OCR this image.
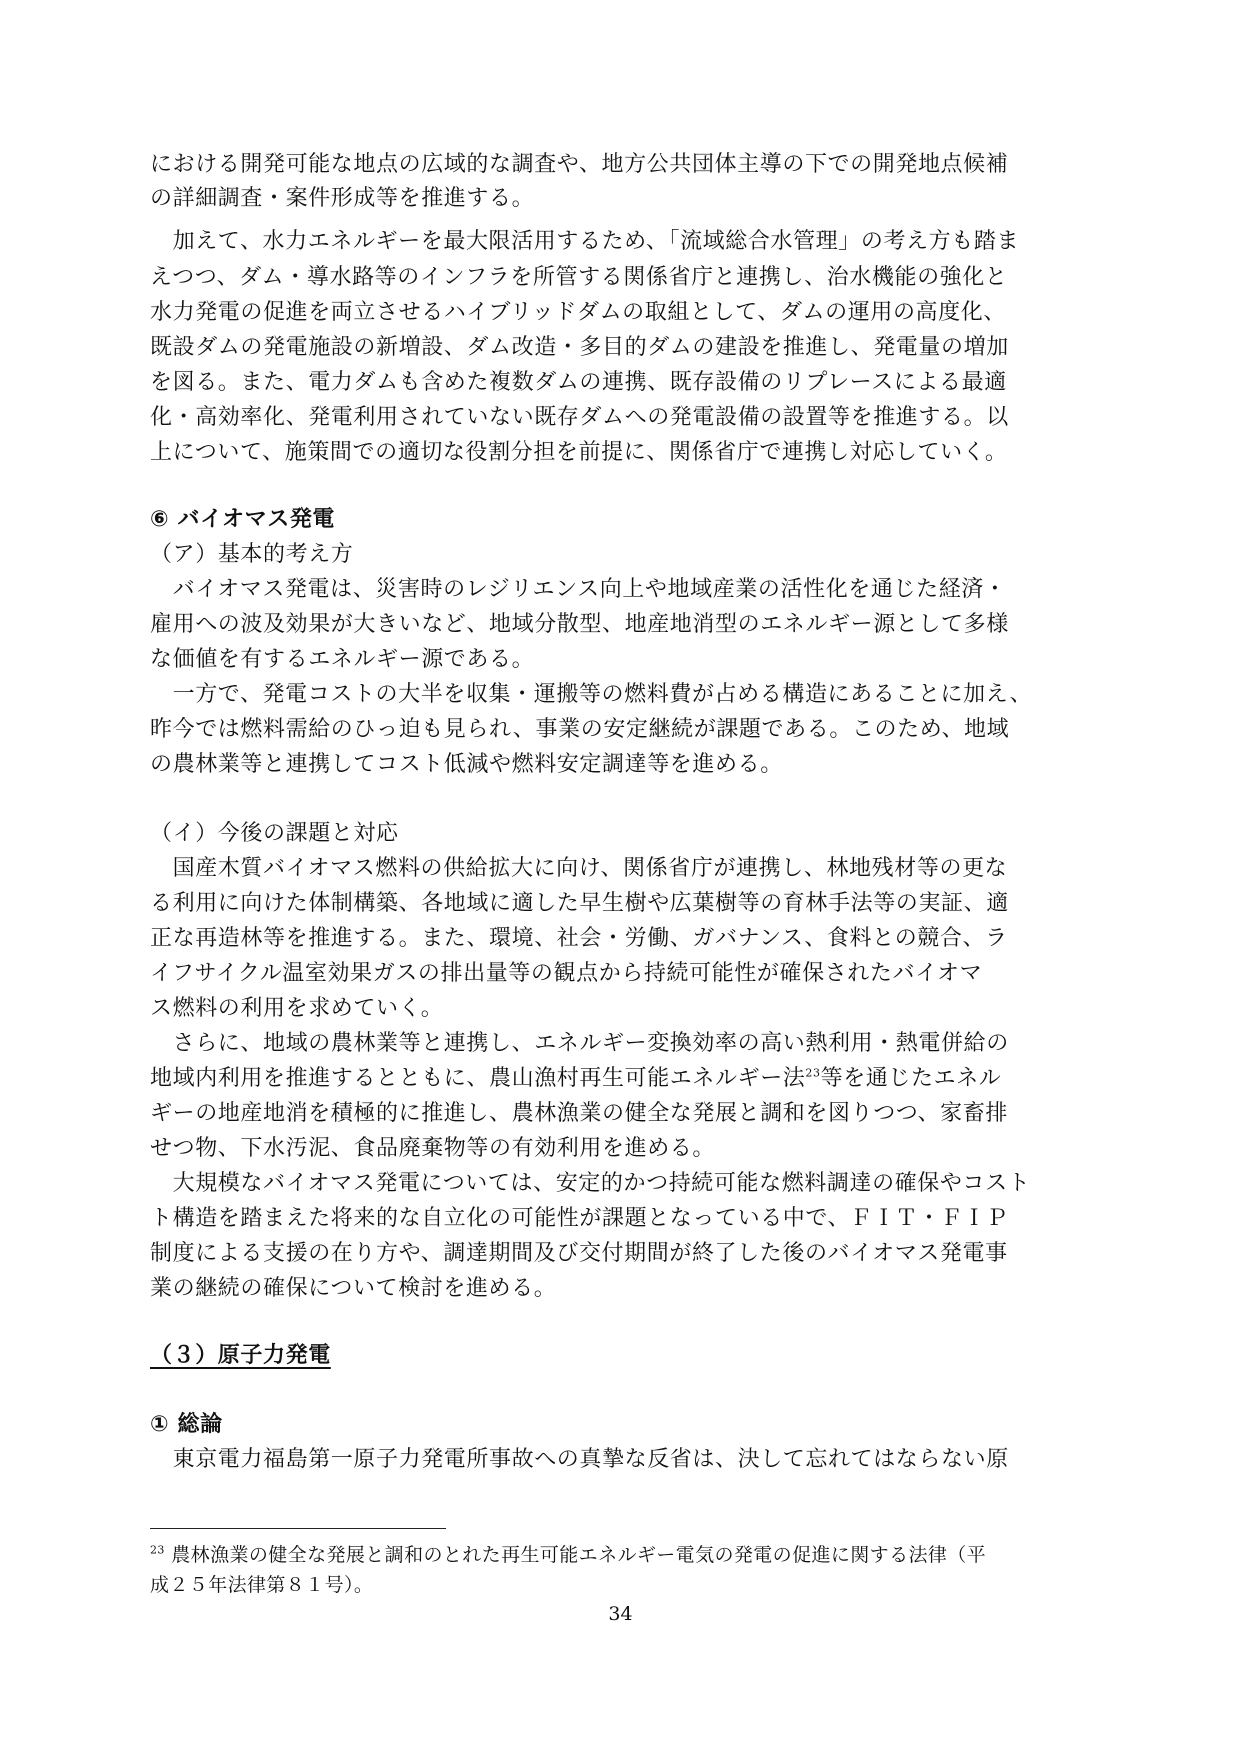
における開発可能な地点の広域的な調査や、地方公共団体主導の下での開発地点候補
の詳細調査・案件形成等を推進する。
　加えて、水力エネルギーを最大限活用するため、「流域総合水管理」の考え方も踏ま
えつつ、ダム・導水路等のインフラを所管する関係省庁と連携し、治水機能の強化と
水力発電の促進を両立させるハイブリッドダムの取組として、ダムの運用の高度化、
既設ダムの発電施設の新増設、ダム改造・多目的ダムの建設を推進し、発電量の増加
を図る。また、電力ダムも含めた複数ダムの連携、既存設備のリプレースによる最適
化・高効率化、発電利用されていない既存ダムへの発電設備の設置等を推進する。以
上について、施策間での適切な役割分担を前提に、関係省庁で連携し対応していく。
⑥ バイオマス発電
（ア）基本的考え方
　バイオマス発電は、災害時のレジリエンス向上や地域産業の活性化を通じた経済・
雇用への波及効果が大きいなど、地域分散型、地産地消型のエネルギー源として多様
な価値を有するエネルギー源である。
　一方で、発電コストの大半を収集・運搬等の燃料費が占める構造にあることに加え、
昨今では燃料需給のひっ迫も見られ、事業の安定継続が課題である。このため、地域
の農林業等と連携してコスト低減や燃料安定調達等を進める。
（イ）今後の課題と対応
　国産木質バイオマス燃料の供給拡大に向け、関係省庁が連携し、林地残材等の更な
る利用に向けた体制構築、各地域に適した早生樹や広葉樹等の育林手法等の実証、適
正な再造林等を推進する。また、環境、社会・労働、ガバナンス、食料との競合、ラ
イフサイクル温室効果ガスの排出量等の観点から持続可能性が確保されたバイオマ
ス燃料の利用を求めていく。
　さらに、地域の農林業等と連携し、エネルギー変換効率の高い熱利用・熱電併給の
地域内利用を推進するとともに、農山漁村再生可能エネルギー法$^{23}$等を通じたエネル
ギーの地産地消を積極的に推進し、農林漁業の健全な発展と調和を図りつつ、家畜排
せつ物、下水汚泥、食品廃棄物等の有効利用を進める。
　大規模なバイオマス発電については、安定的かつ持続可能な燃料調達の確保やコスト
ト構造を踏まえた将来的な自立化の可能性が課題となっている中で、ＦＩＴ・ＦＩＰ
制度による支援の在り方や、調達期間及び交付期間が終了した後のバイオマス発電事
業の継続の確保について検討を進める。
（３）原子力発電
① 総論
　東京電力福島第一原子力発電所事故への真摯な反省は、決して忘れてはならない原
$^{23}$ 農林漁業の健全な発展と調和のとれた再生可能エネルギー電気の発電の促進に関する法律（平
成２５年法律第８１号）。
34
